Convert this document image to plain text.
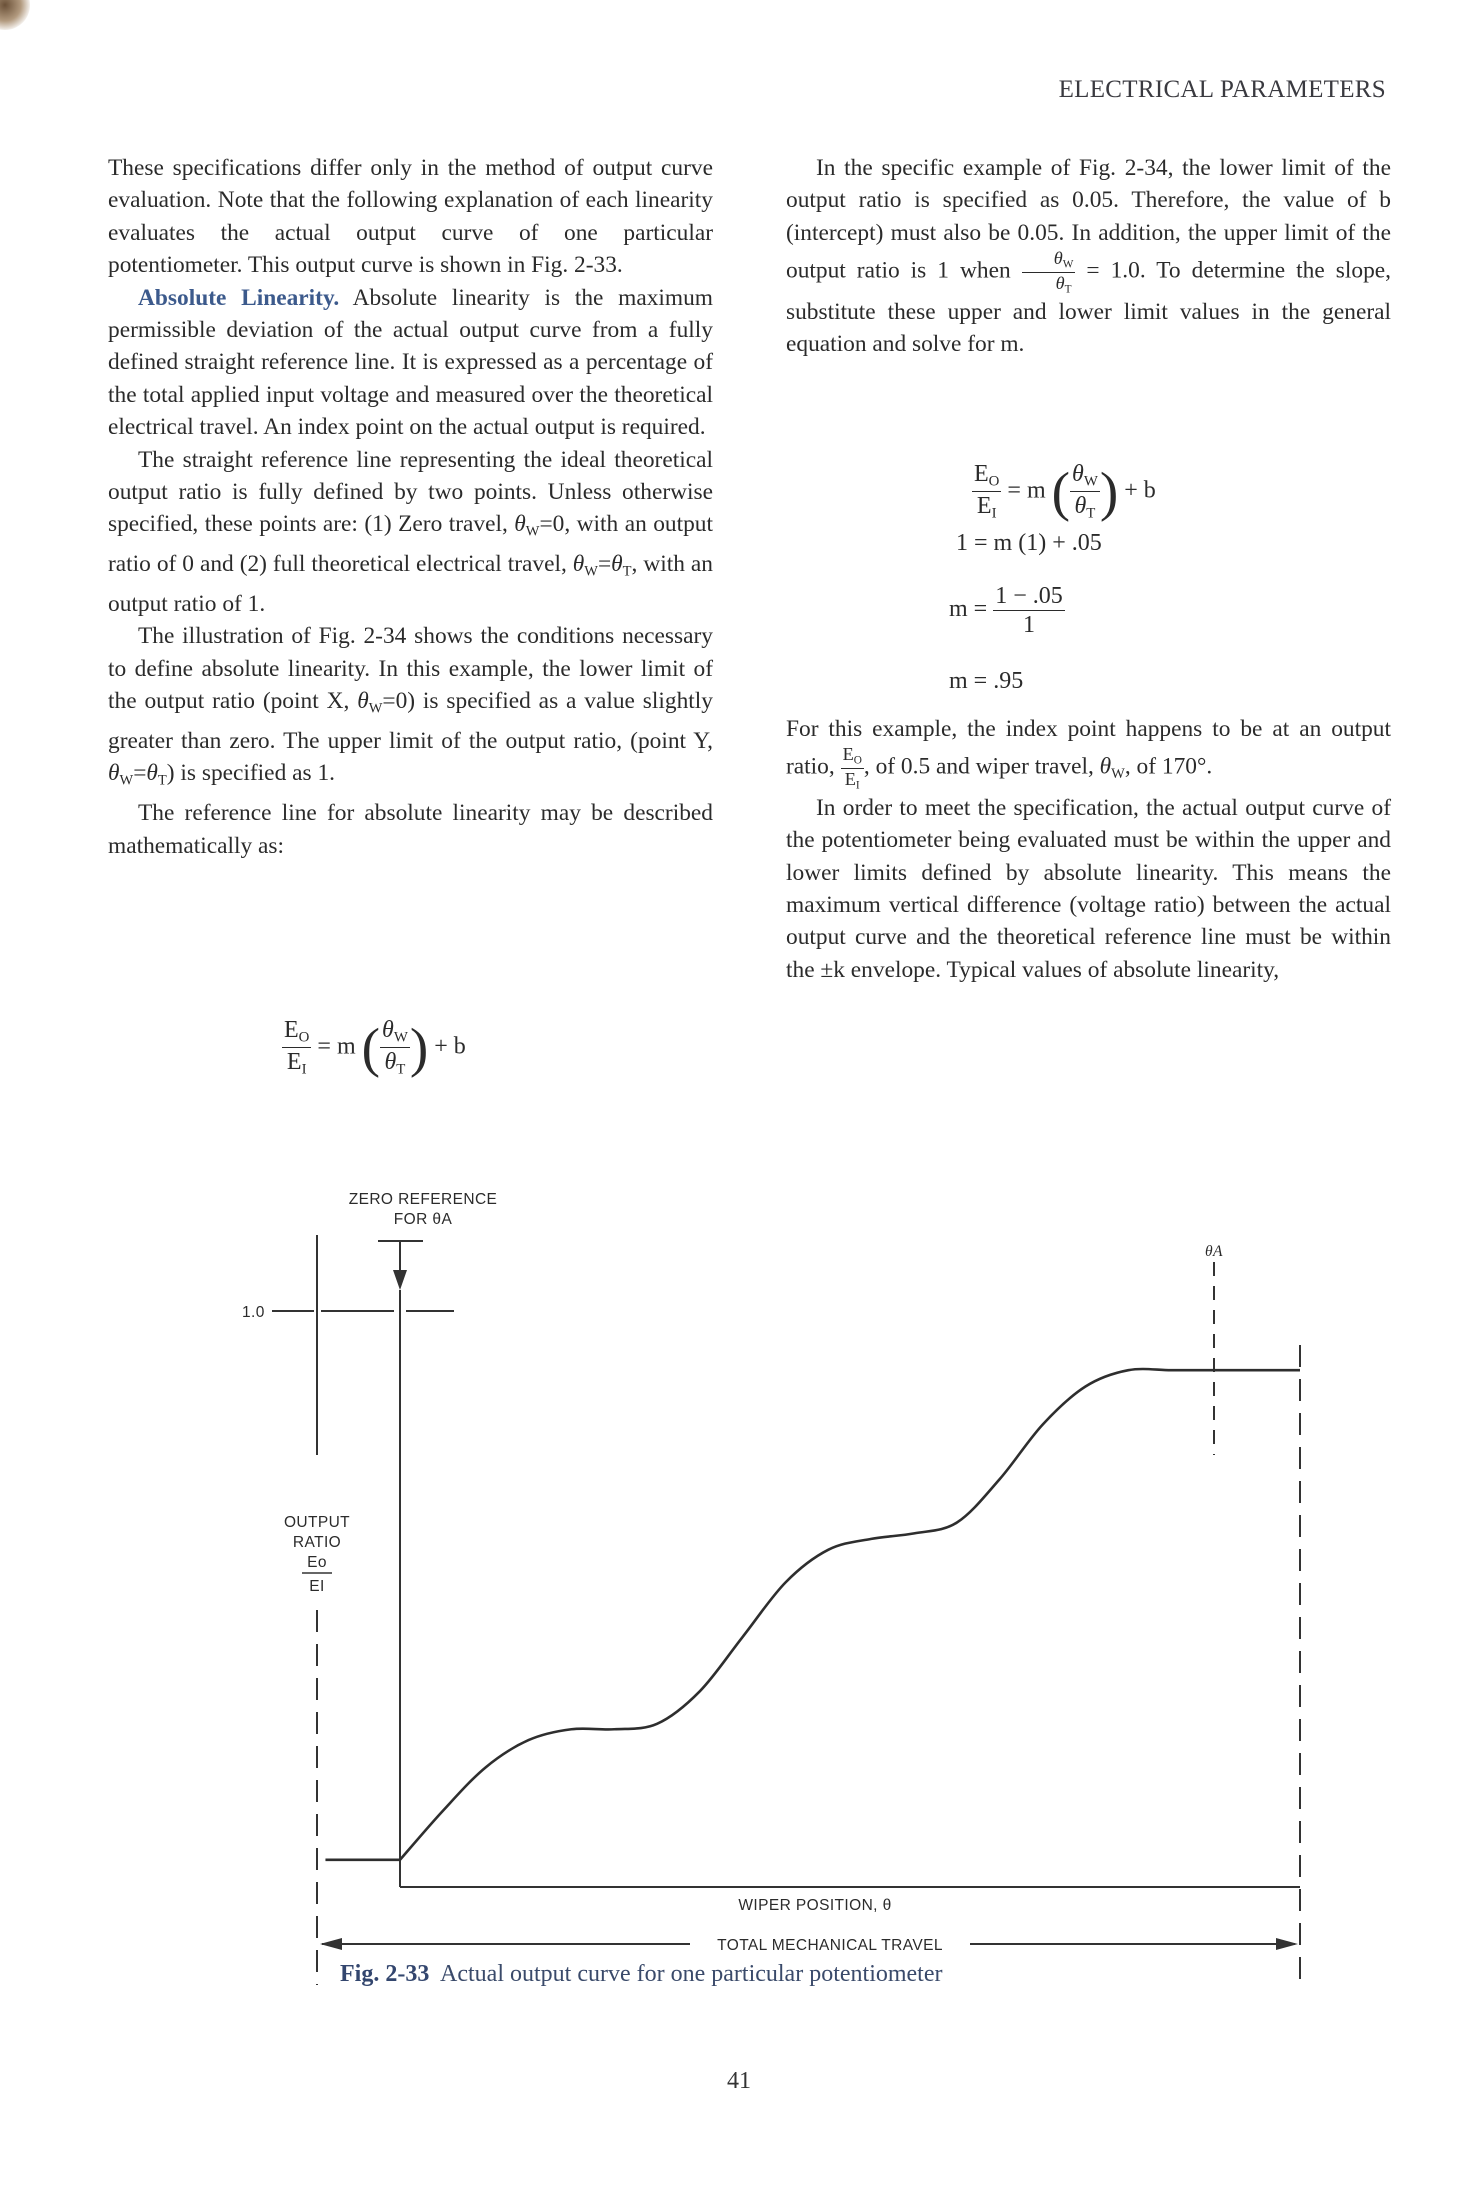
ELECTRICAL PARAMETERS

These specifications differ only in the method of output curve evaluation. Note that the following explanation of each linearity evaluates the actual output curve of one particular potentiometer. This output curve is shown in Fig. 2-33.

Absolute Linearity. Absolute linearity is the maximum permissible deviation of the actual output curve from a fully defined straight reference line. It is expressed as a percentage of the total applied input voltage and measured over the theoretical electrical travel. An index point on the actual output is required.

The straight reference line representing the ideal theoretical output ratio is fully defined by two points. Unless otherwise specified, these points are: (1) Zero travel, $\theta_W=0$, with an output ratio of 0 and (2) full theoretical electrical travel, $\theta_W=\theta_T$, with an output ratio of 1.

The illustration of Fig. 2-34 shows the conditions necessary to define absolute linearity. In this example, the lower limit of the output ratio (point X, $\theta_W=0$) is specified as a value slightly greater than zero. The upper limit of the output ratio, (point Y, $\theta_W=\theta_T$) is specified as 1.

The reference line for absolute linearity may be described mathematically as:

$\frac{E_O}{E_I} = m$ ( $\frac{\theta_W}{\theta_T}$ ) + b

In the specific example of Fig. 2-34, the lower limit of the output ratio is specified as 0.05. Therefore, the value of b (intercept) must also be 0.05. In addition, the upper limit of the output ratio is 1 when $\frac{\theta_W}{\theta_T} = 1.0$. To determine the slope, substitute these upper and lower limit values in the general equation and solve for m.

$\frac{E_O}{E_I} = m$ ( $\frac{\theta_W}{\theta_T}$ ) + b
1 = m (1) + .05
$m = \frac{1 - .05}{1}$
m = .95

For this example, the index point happens to be at an output ratio, $\frac{E_O}{E_I}$ , of 0.5 and wiper travel, $\theta_W$, of 170°.

In order to meet the specification, the actual output curve of the potentiometer being evaluated must be within the upper and lower limits defined by absolute linearity. This means the maximum vertical difference (voltage ratio) between the actual output curve and the theoretical reference line must be within the ±k envelope. Typical values of absolute linearity,

ZERO REFERENCE
FOR θA
θA
1.0
OUTPUT
RATIO
Eo
EI
WIPER POSITION, θ
TOTAL MECHANICAL TRAVEL
Fig. 2-33 Actual output curve for one particular potentiometer
41
